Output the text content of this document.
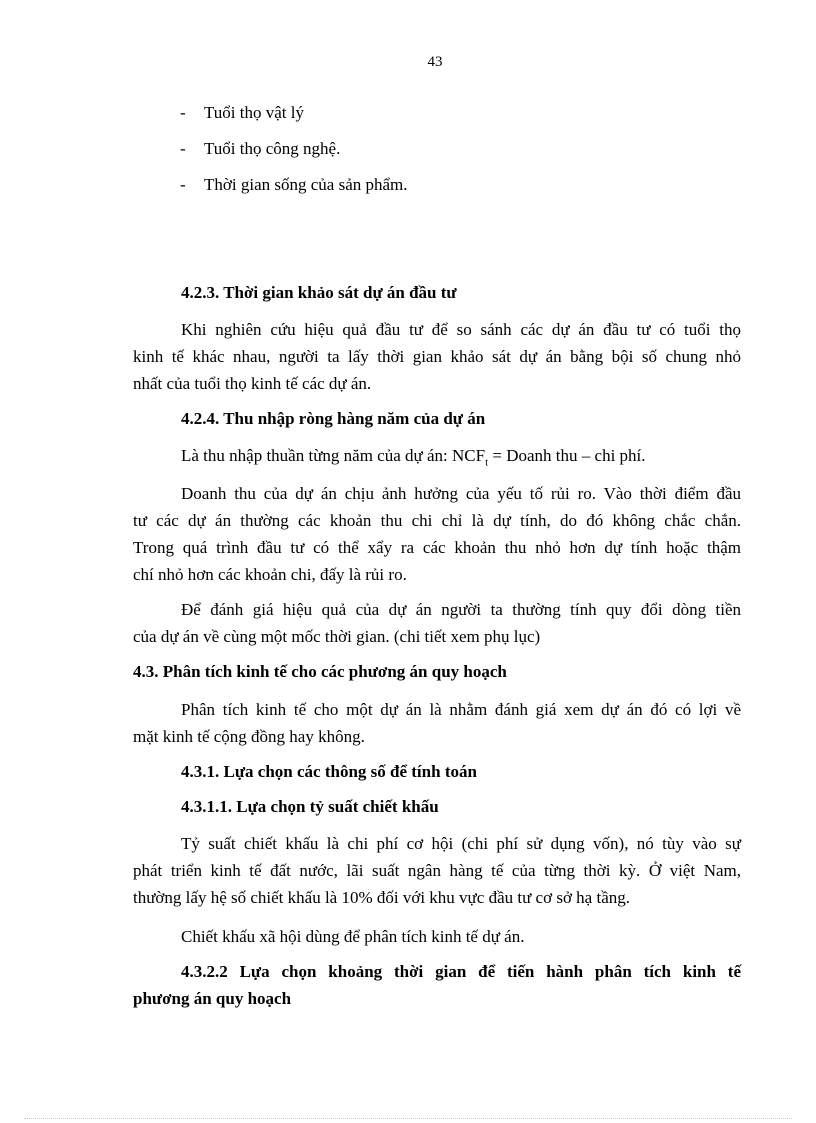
43
- Tuổi thọ vật lý
- Tuổi thọ công nghệ.
- Thời gian sống của sản phẩm.
4.2.3. Thời gian khảo sát dự án đầu tư
Khi nghiên cứu hiệu quả đầu tư để so sánh các dự án đầu tư có tuổi thọ
kinh tế khác nhau, người ta lấy thời gian khảo sát dự án bằng bội số chung nhỏ
nhất của tuổi thọ kinh tế các dự án.
4.2.4. Thu nhập ròng hàng năm của dự án
Là thu nhập thuần từng năm của dự án: $NCF_t$ = Doanh thu – chi phí.
Doanh thu của dự án chịu ảnh hưởng của yếu tố rủi ro. Vào thời điểm đầu
tư các dự án thường các khoản thu chi chỉ là dự tính, do đó không chắc chắn.
Trong quá trình đầu tư có thể xẩy ra các khoản thu nhỏ hơn dự tính hoặc thậm
chí nhỏ hơn các khoản chi, đấy là rủi ro.
Để đánh giá hiệu quả của dự án người ta thường tính quy đổi dòng tiền
của dự án về cùng một mốc thời gian. (chi tiết xem phụ lục)
4.3. Phân tích kinh tế cho các phương án quy hoạch
Phân tích kinh tế cho một dự án là nhằm đánh giá xem dự án đó có lợi về
mặt kinh tế cộng đồng hay không.
4.3.1. Lựa chọn các thông số để tính toán
4.3.1.1. Lựa chọn tỷ suất chiết khấu
Tỷ suất chiết khấu là chi phí cơ hội (chi phí sử dụng vốn), nó tùy vào sự
phát triển kinh tế đất nước, lãi suất ngân hàng tế của từng thời kỳ. Ở việt Nam,
thường lấy hệ số chiết khấu là 10% đối với khu vực đầu tư cơ sở hạ tầng.
Chiết khấu xã hội dùng để phân tích kinh tế dự án.
4.3.2.2 Lựa chọn khoảng thời gian để tiến hành phân tích kinh tế
phương án quy hoạch
